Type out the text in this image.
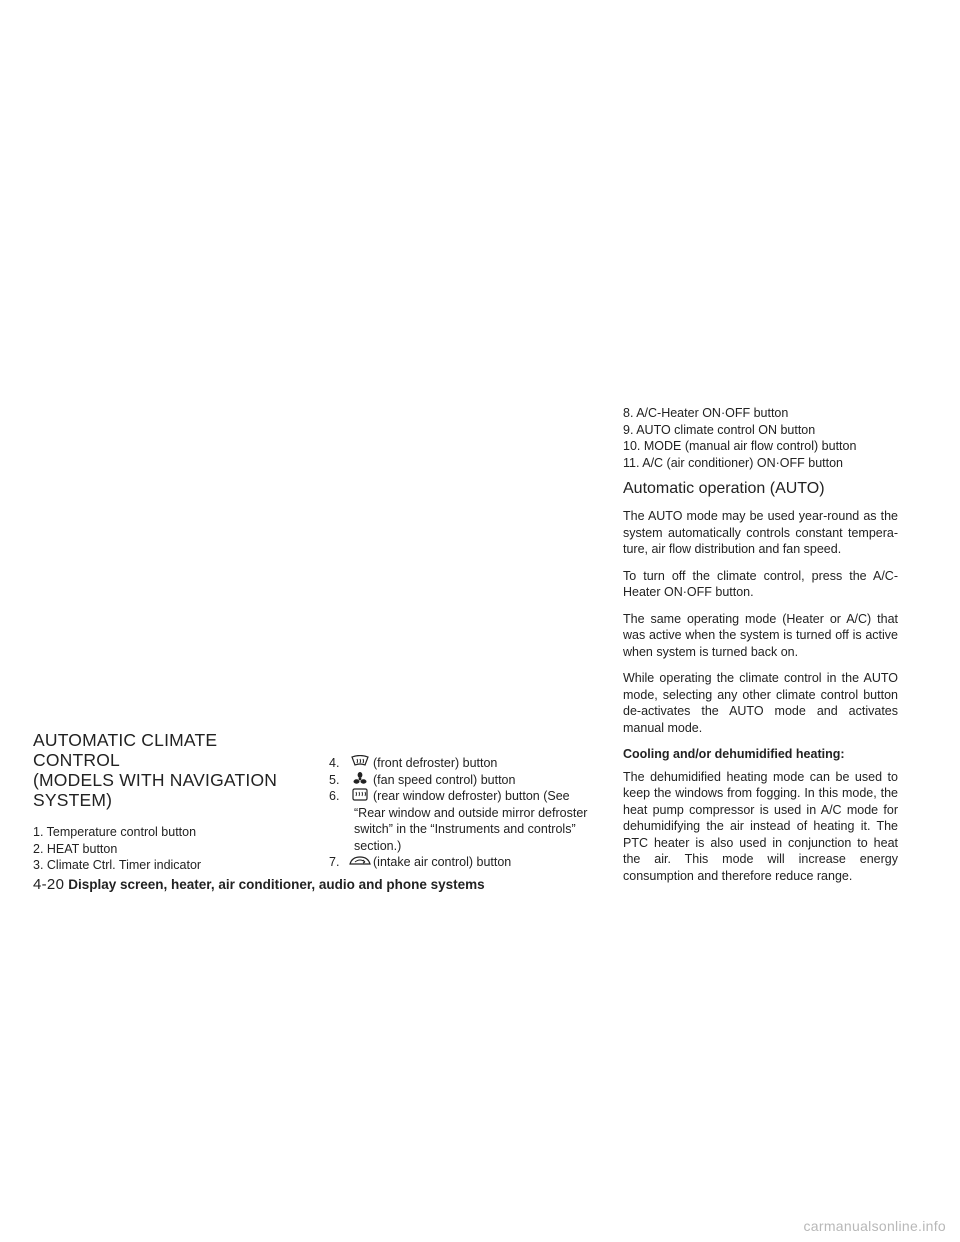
AUTOMATIC CLIMATE CONTROL
(MODELS WITH NAVIGATION
SYSTEM)
1. Temperature control button
2. HEAT button
3. Climate Ctrl. Timer indicator
4.	(front defroster) button
5.	(fan speed control) button
6.	(rear window defroster) button (See
“Rear window and outside mirror defroster
switch” in the “Instruments and controls”
section.)
7.	(intake air control) button
8. A/C-Heater ON·OFF button
9. AUTO climate control ON button
10. MODE (manual air flow control) button
11. A/C (air conditioner) ON·OFF button
Automatic operation (AUTO)

The AUTO mode may be used year-round as the system automatically controls constant tempera-ture, air flow distribution and fan speed.

To turn off the climate control, press the A/C-Heater ON·OFF button.

The same operating mode (Heater or A/C) that was active when the system is turned off is active when system is turned back on.

While operating the climate control in the AUTO mode, selecting any other climate control button de-activates the AUTO mode and activates manual mode.

Cooling and/or dehumidified heating:

The dehumidified heating mode can be used to keep the windows from fogging. In this mode, the heat pump compressor is used in A/C mode for dehumidifying the air instead of heating it. The PTC heater is also used in conjunction to heat the air. This mode will increase energy consumption and therefore reduce range.

4-20 Display screen, heater, air conditioner, audio and phone systems
carmanualsonline.info
